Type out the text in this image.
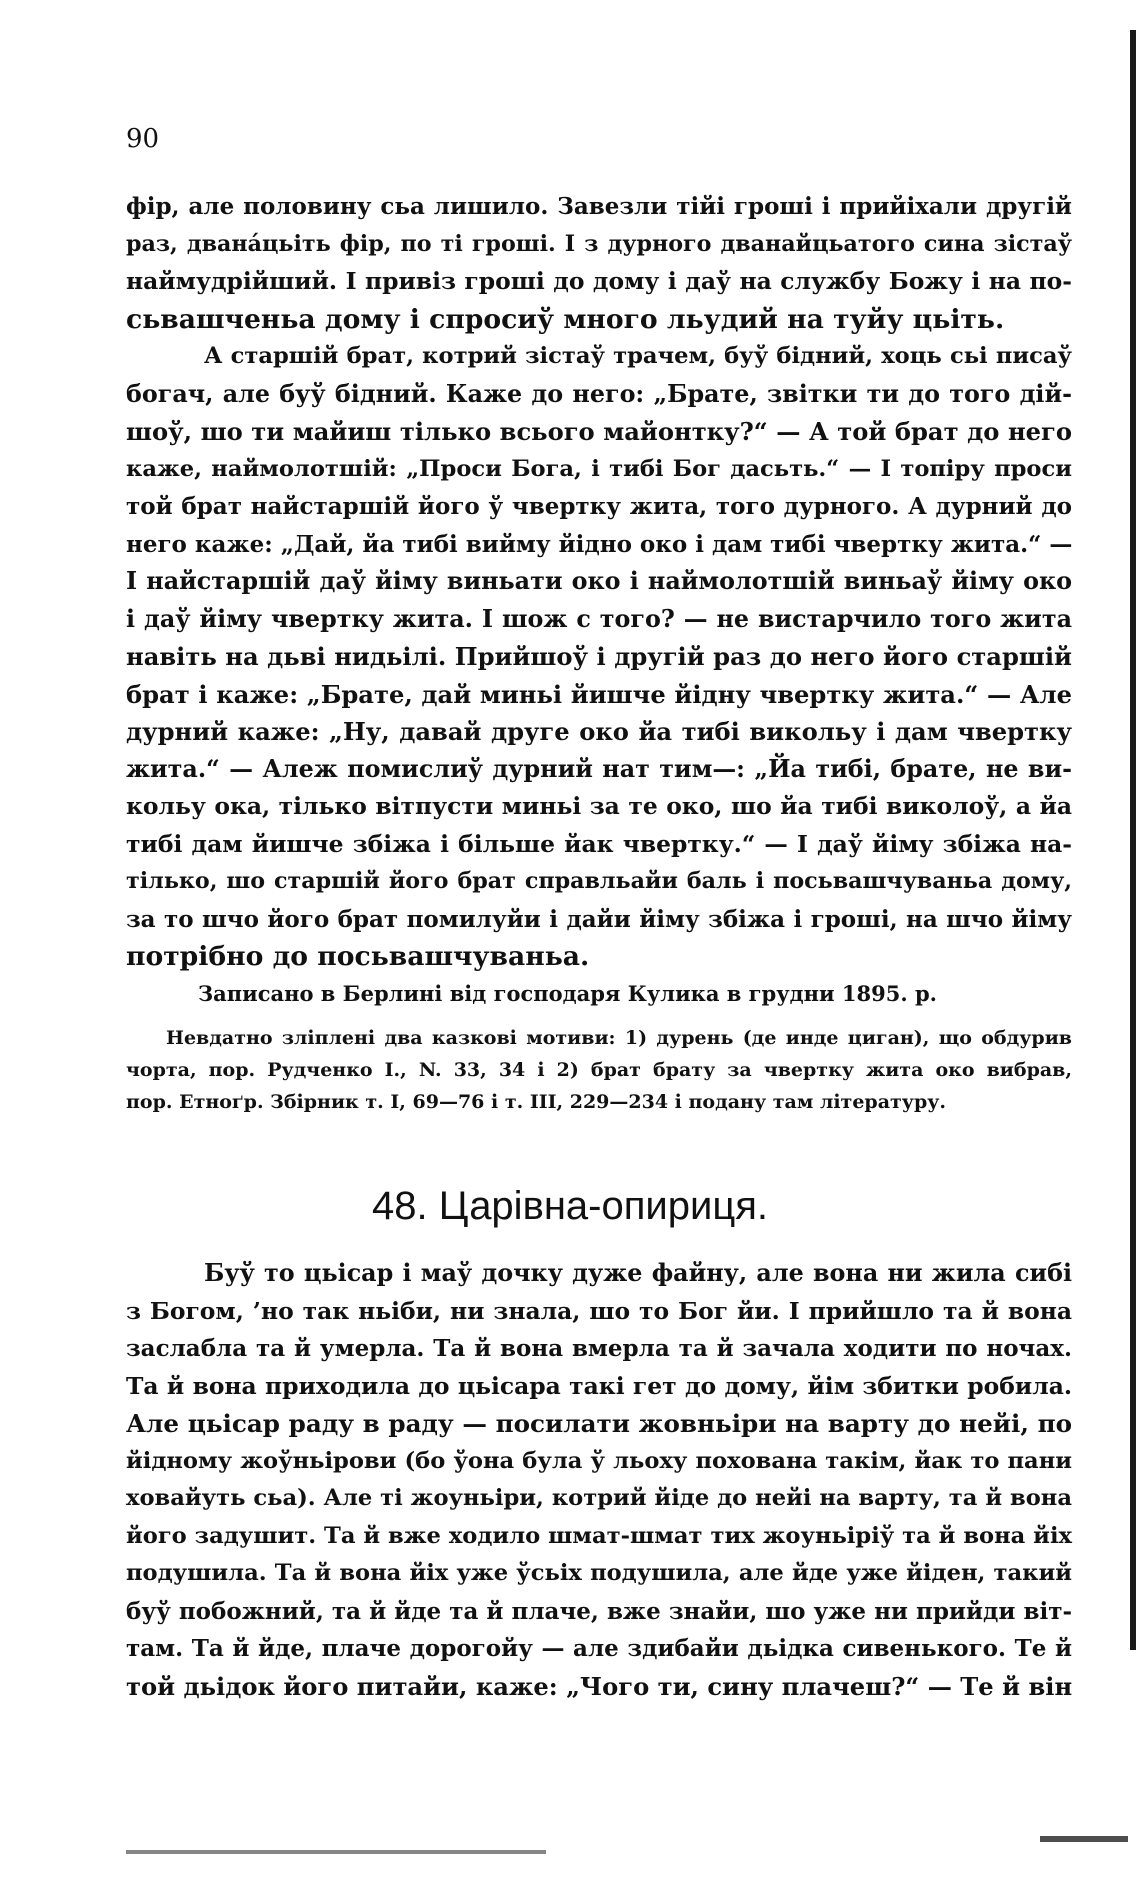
90
фір, але половину сьа лишило. Завезли тійі гроші і прийіхали другій
раз, двана́цьіть фір, по ті гроші. І з дурного дванайцьатого сина зістаў
наймудрійший. І привіз гроші до дому і даў на службу Божу і на по-
сьвашченьа дому і спросиў много льудий на туйу цьіть.
А старшій брат, котрий зістаў трачем, буў бідний, хоць сьі писаў
богач, але буў бідний. Каже до него: „Брате, звітки ти до того дій-
шоў, шо ти майиш тілько всього майонтку?“ — А той брат до него
каже, наймолотшій: „Проси Бога, і тибі Бог дасьть.“ — І топіру проси
той брат найстаршій його ў чвертку жита, того дурного. А дурний до
него каже: „Дай, йа тибі вийму йідно око і дам тибі чвертку жита.“ —
І найстаршій даў йіму виньати око і наймолотшій виньаў йіму око
і даў йіму чвертку жита. І шож с того? — не вистарчило того жита
навіть на дьві нидьілі. Прийшоў і другій раз до него його старшій
брат і каже: „Брате, дай миньі йишче йідну чвертку жита.“ — Але
дурний каже: „Ну, давай друге око йа тибі викольу і дам чвертку
жита.“ — Алеж помислиў дурний нат тим—: „Йа тибі, брате, не ви-
кольу ока, тілько вітпусти миньі за те око, шо йа тибі виколоў, а йа
тибі дам йишче збіжа і більше йак чвертку.“ — І даў йіму збіжа на-
тілько, шо старшій його брат справльайи баль і посьвашчуваньа дому,
за то шчо його брат помилуйи і дайи йіму збіжа і гроші, на шчо йіму
потрібно до посьвашчуваньа.
Записано в Берлині від господаря Кулика в грудни 1895. р.
Невдатно зліплені два казкові мотиви: 1) дурень (де инде циган), що обдурив
чорта, пор. Рудченко І., N. 33, 34 і 2) брат брату за чвертку жита око вибрав,
пор. Етноґр. Збірник т. І, 69—76 і т. ІІІ, 229—234 і подану там літературу.
48. Царівна-опириця.
Буў то цьісар і маў дочку дуже файну, але вона ни жила сибі
з Богом, ’но так ньіби, ни знала, шо то Бог йи. І прийшло та й вона
заслабла та й умерла. Та й вона вмерла та й зачала ходити по ночах.
Та й вона приходила до цьісара такі гет до дому, йім збитки робила.
Але цьісар раду в раду — посилати жовньіри на варту до нейі, по
йідному жоўньірови (бо ўона була ў льоху похована такім, йак то пани
ховайуть сьа). Але ті жоуньіри, котрий йіде до нейі на варту, та й вона
його задушит. Та й вже ходило шмат-шмат тих жоуньіріў та й вона йіх
подушила. Та й вона йіх уже ўсьіх подушила, але йде уже йіден, такий
буў побожний, та й йде та й плаче, вже знайи, шо уже ни прийди віт-
там. Та й йде, плаче дорогойу — але здибайи дьідка сивенького. Те й
той дьідок його питайи, каже: „Чого ти, сину плачеш?“ — Те й він
